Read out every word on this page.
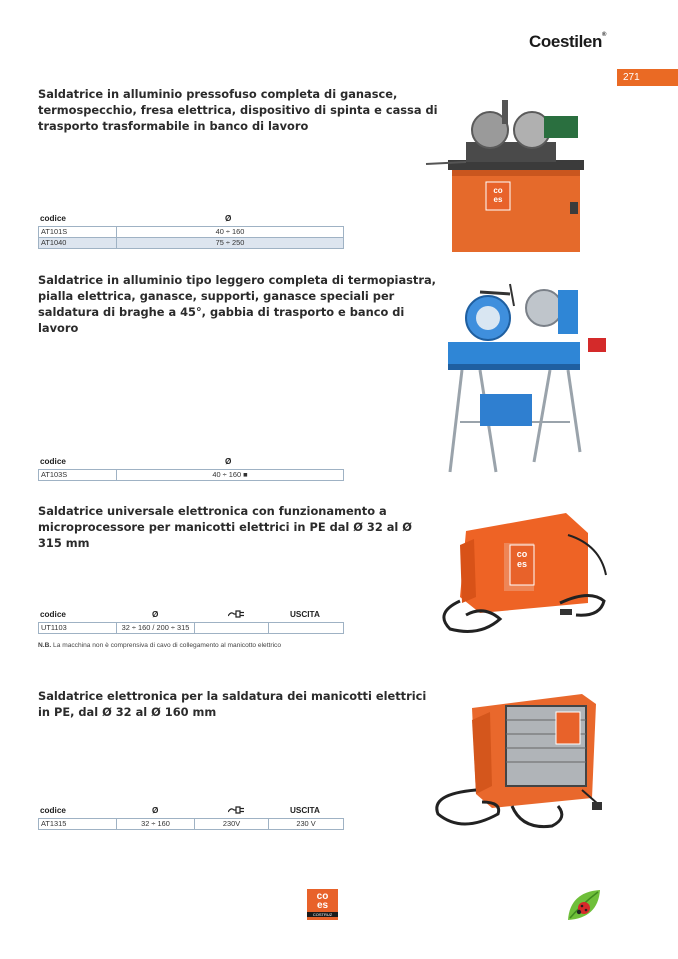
Coestilen®
271
Saldatrice in alluminio pressofuso completa di ganasce, termospecchio, fresa elettrica, dispositivo di spinta e cassa di trasporto trasformabile in banco di lavoro
codice	Ø
AT101S	40 ÷ 160
AT1040	75 ÷ 250
co
es
Saldatrice in alluminio tipo leggero completa di termopiastra, pialla elettrica, ganasce, supporti, ganasce speciali per saldatura di braghe a 45°, gabbia di trasporto e banco di lavoro
codice	Ø
AT103S	40 ÷ 160 ■
Saldatrice universale elettronica con funzionamento a microprocessore per manicotti elettrici in PE dal Ø 32 al Ø 315 mm
codice	Ø	USCITA
UT1103	32 ÷ 160 / 200 ÷ 315
N.B. La macchina non è comprensiva di cavo di collegamento al manicotto elettrico
co
es
Saldatrice elettronica per la saldatura dei manicotti elettrici in PE, dal Ø 32 al Ø 160 mm
codice	Ø	USCITA
AT1315	32 ÷ 160	230V	230 V
co
es
COSTRUZ
